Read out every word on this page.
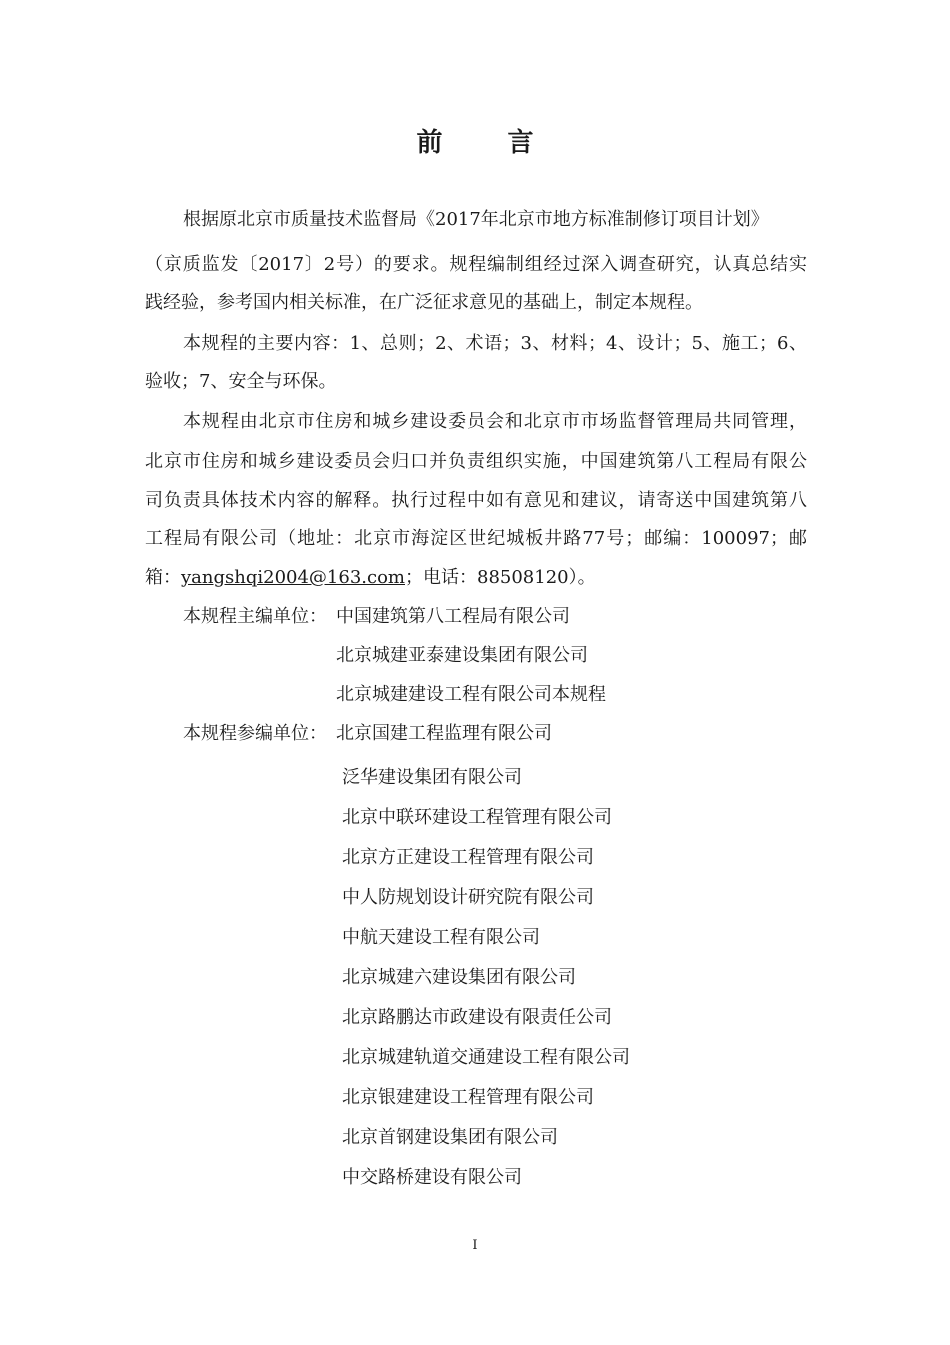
前 言
根据原北京市质量技术监督局《2017年北京市地方标准制修订项目计划》
（京质监发〔2017〕2号）的要求。规程编制组经过深入调查研究，认真总结实
践经验，参考国内相关标准，在广泛征求意见的基础上，制定本规程。
本规程的主要内容：1、总则；2、术语；3、材料；4、设计；5、施工；6、
验收；7、安全与环保。
本规程由北京市住房和城乡建设委员会和北京市市场监督管理局共同管理，
北京市住房和城乡建设委员会归口并负责组织实施，中国建筑第八工程局有限公
司负责具体技术内容的解释。执行过程中如有意见和建议，请寄送中国建筑第八
工程局有限公司（地址：北京市海淀区世纪城板井路77号；邮编：100097；邮
箱：yangshqi2004@163.com；电话：88508120）。
本规程主编单位： 中国建筑第八工程局有限公司
北京城建亚泰建设集团有限公司
北京城建建设工程有限公司本规程
本规程参编单位： 北京国建工程监理有限公司
泛华建设集团有限公司
北京中联环建设工程管理有限公司
北京方正建设工程管理有限公司
中人防规划设计研究院有限公司
中航天建设工程有限公司
北京城建六建设集团有限公司
北京路鹏达市政建设有限责任公司
北京城建轨道交通建设工程有限公司
北京银建建设工程管理有限公司
北京首钢建设集团有限公司
中交路桥建设有限公司
I
